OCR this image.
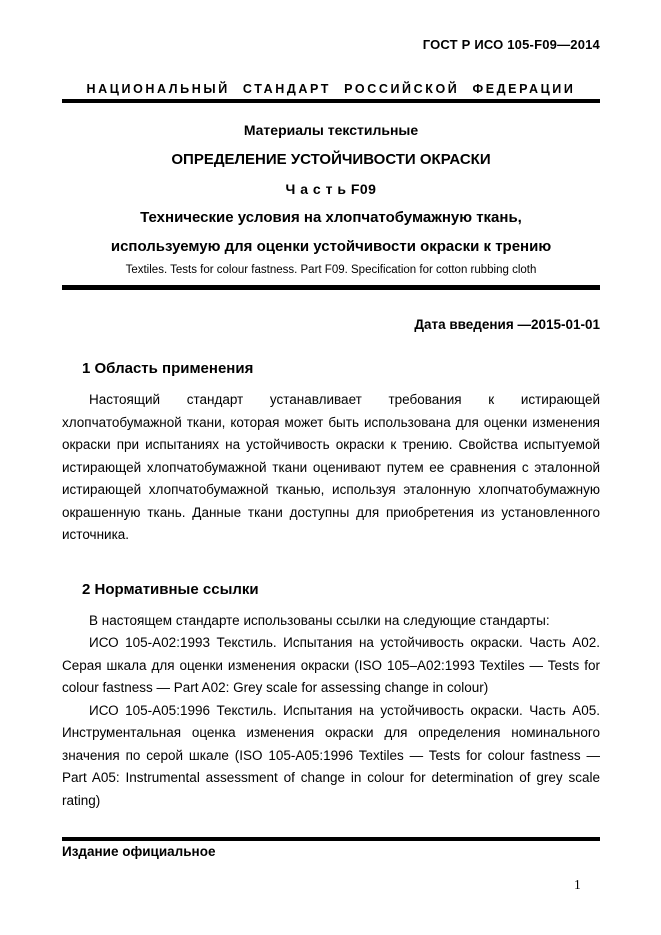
ГОСТ Р ИСО 105-F09—2014
НАЦИОНАЛЬНЫЙ СТАНДАРТ РОССИЙСКОЙ ФЕДЕРАЦИИ
Материалы текстильные
ОПРЕДЕЛЕНИЕ УСТОЙЧИВОСТИ ОКРАСКИ
Ч а с т ь F09
Технические условия на хлопчатобумажную ткань,
используемую для оценки устойчивости окраски к трению
Textiles. Tests for colour fastness. Part F09. Specification for cotton rubbing cloth
Дата введения —2015-01-01
1 Область применения

Настоящий стандарт устанавливает требования к истирающей хлопчатобумажной ткани, которая может быть использована для оценки изменения окраски при испытаниях на устойчивость окраски к трению. Свойства испытуемой истирающей хлопчатобумажной ткани оценивают путем ее сравнения с эталонной истирающей хлопчатобумажной тканью, используя эталонную хлопчатобумажную окрашенную ткань. Данные ткани доступны для приобретения из установленного источника.

2 Нормативные ссылки

В настоящем стандарте использованы ссылки на следующие стандарты:

ИСО 105-А02:1993 Текстиль. Испытания на устойчивость окраски. Часть А02. Серая шкала для оценки изменения окраски (ISO 105–A02:1993 Textiles — Tests for colour fastness — Part A02: Grey scale for assessing change in colour)

ИСО 105-А05:1996 Текстиль. Испытания на устойчивость окраски. Часть А05. Инструментальная оценка изменения окраски для определения номинального значения по серой шкале (ISO 105-A05:1996 Textiles — Tests for colour fastness — Part A05: Instrumental assessment of change in colour for determination of grey scale rating)

Издание официальное
1
